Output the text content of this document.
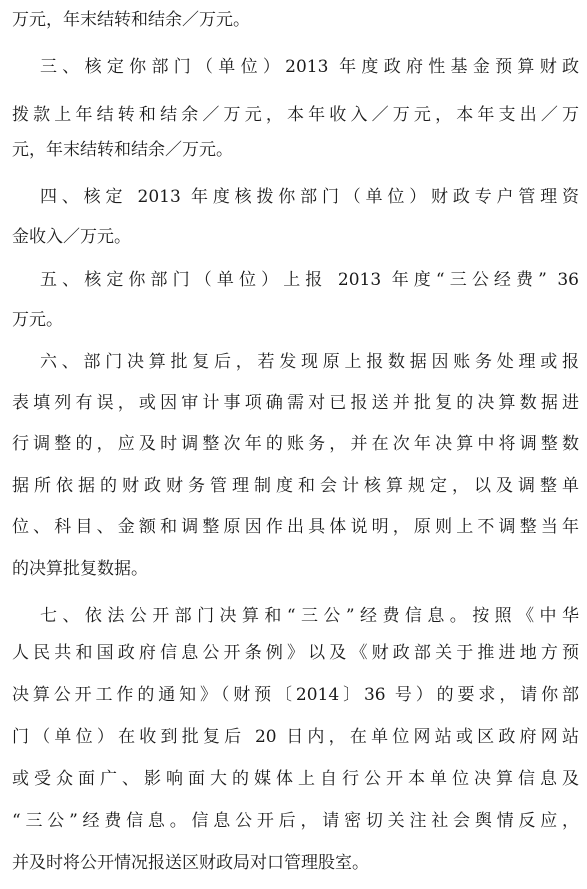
万元，年末结转和结余／万元。
三、核定你部门（单位）2013 年度政府性基金预算财政
拨款上年结转和结余／万元，本年收入／万元，本年支出／万
元，年末结转和结余／万元。
四、核定 2013 年度核拨你部门（单位）财政专户管理资
金收入／万元。
五、核定你部门（单位）上报 2013 年度“三公经费” 36
万元。
六、部门决算批复后，若发现原上报数据因账务处理或报
表填列有误，或因审计事项确需对已报送并批复的决算数据进
行调整的，应及时调整次年的账务，并在次年决算中将调整数
据所依据的财政财务管理制度和会计核算规定，以及调整单
位、科目、金额和调整原因作出具体说明，原则上不调整当年
的决算批复数据。
七、依法公开部门决算和“三公”经费信息。按照《中华
人民共和国政府信息公开条例》以及《财政部关于推进地方预
决算公开工作的通知》（财预〔2014〕36 号）的要求，请你部
门（单位）在收到批复后 20 日内，在单位网站或区政府网站
或受众面广、影响面大的媒体上自行公开本单位决算信息及
“三公”经费信息。信息公开后，请密切关注社会舆情反应，
并及时将公开情况报送区财政局对口管理股室。
